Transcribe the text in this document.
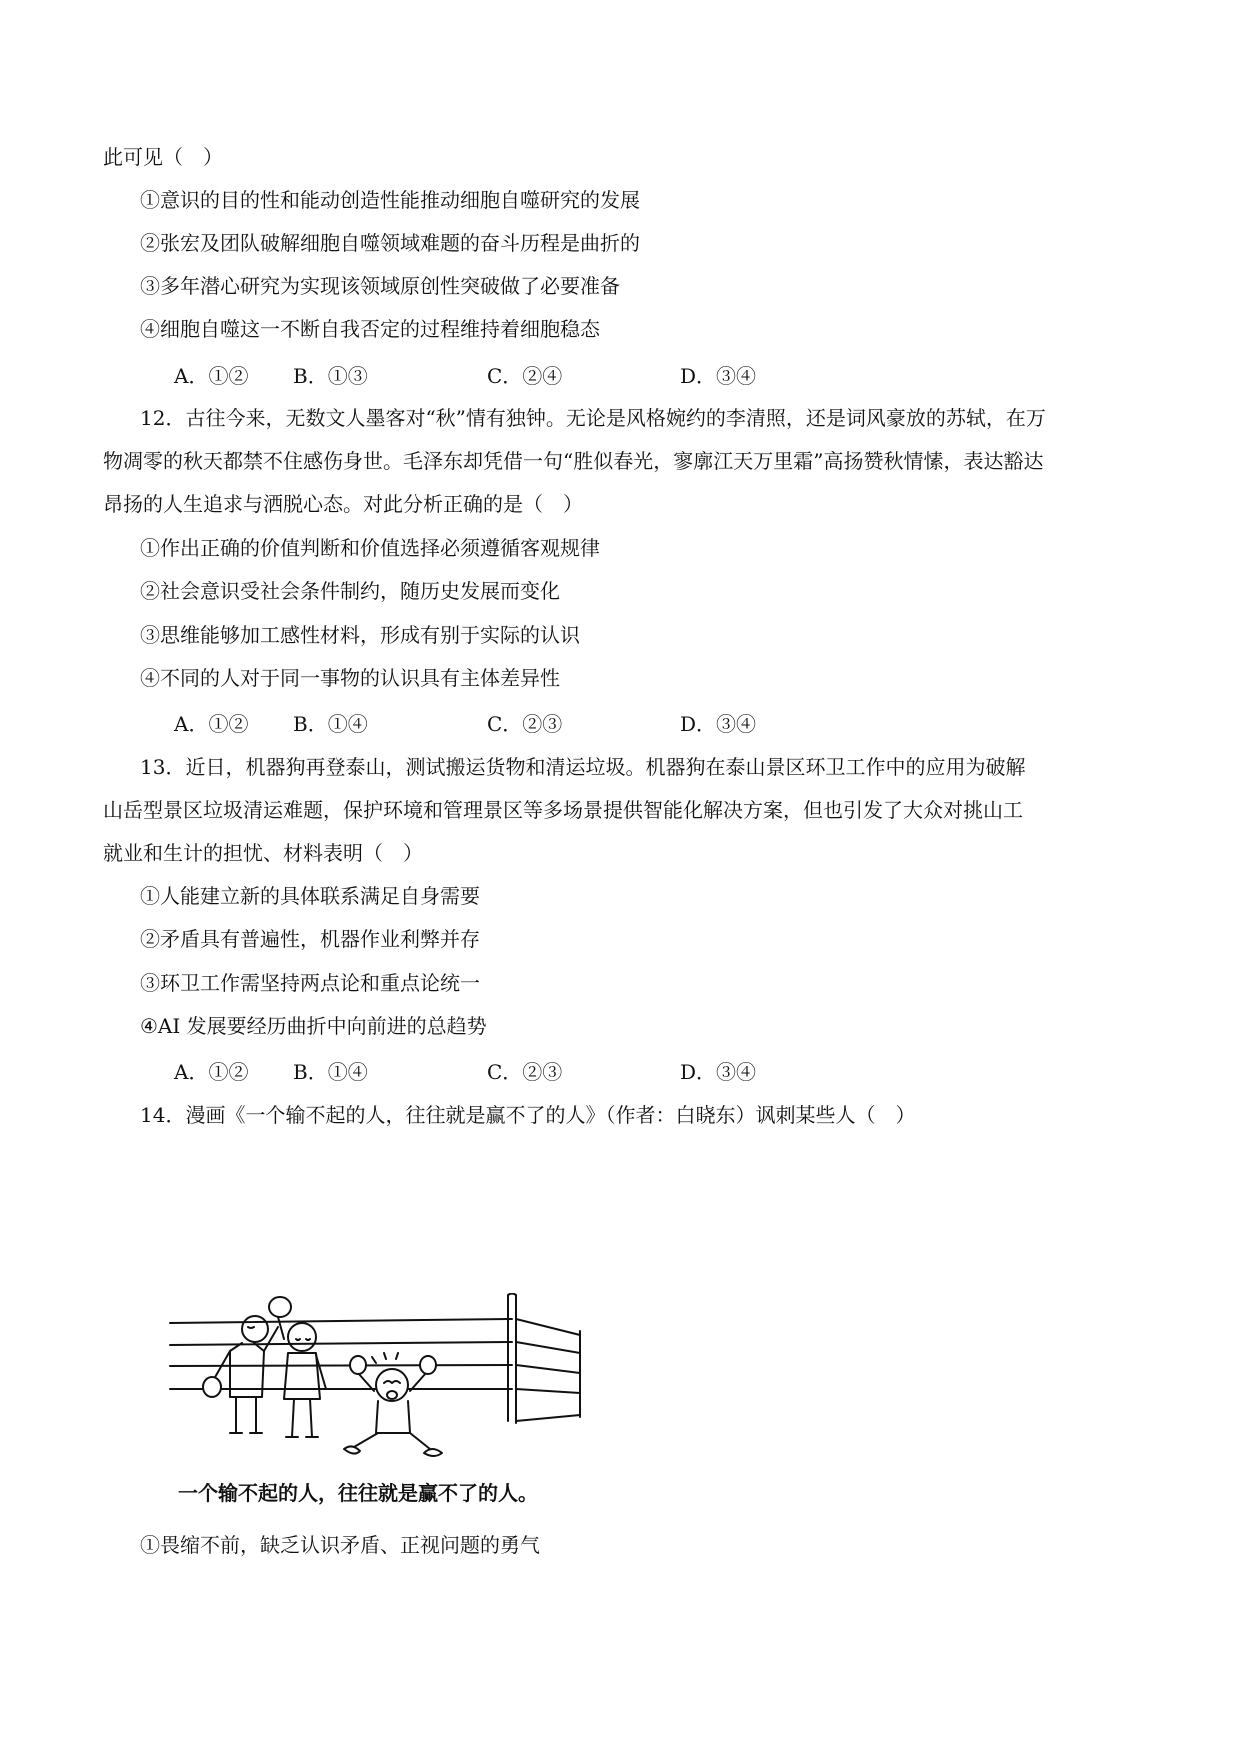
此可见（　）
①意识的目的性和能动创造性能推动细胞自噬研究的发展
②张宏及团队破解细胞自噬领域难题的奋斗历程是曲折的
③多年潜心研究为实现该领域原创性突破做了必要准备
④细胞自噬这一不断自我否定的过程维持着细胞稳态
A．①② B．①③	C．②④	D．③④
12．古往今来，无数文人墨客对“秋”情有独钟。无论是风格婉约的李清照，还是词风豪放的苏轼，在万
物凋零的秋天都禁不住感伤身世。毛泽东却凭借一句“胜似春光，寥廓江天万里霜”高扬赞秋情愫，表达豁达
昂扬的人生追求与洒脱心态。对此分析正确的是（　）
①作出正确的价值判断和价值选择必须遵循客观规律
②社会意识受社会条件制约，随历史发展而变化
③思维能够加工感性材料，形成有别于实际的认识
④不同的人对于同一事物的认识具有主体差异性
A．①② B．①④	C．②③	D．③④
13．近日，机器狗再登泰山，测试搬运货物和清运垃圾。机器狗在泰山景区环卫工作中的应用为破解
山岳型景区垃圾清运难题，保护环境和管理景区等多场景提供智能化解决方案，但也引发了大众对挑山工
就业和生计的担忧、材料表明（　）
①人能建立新的具体联系满足自身需要
②矛盾具有普遍性，机器作业利弊并存
③环卫工作需坚持两点论和重点论统一
④AI 发展要经历曲折中向前进的总趋势
A．①② B．①④	C．②③	D．③④
14．漫画《一个输不起的人，往往就是赢不了的人》（作者：白晓东）讽刺某些人（　）
一个输不起的人，往往就是赢不了的人。
①畏缩不前，缺乏认识矛盾、正视问题的勇气
